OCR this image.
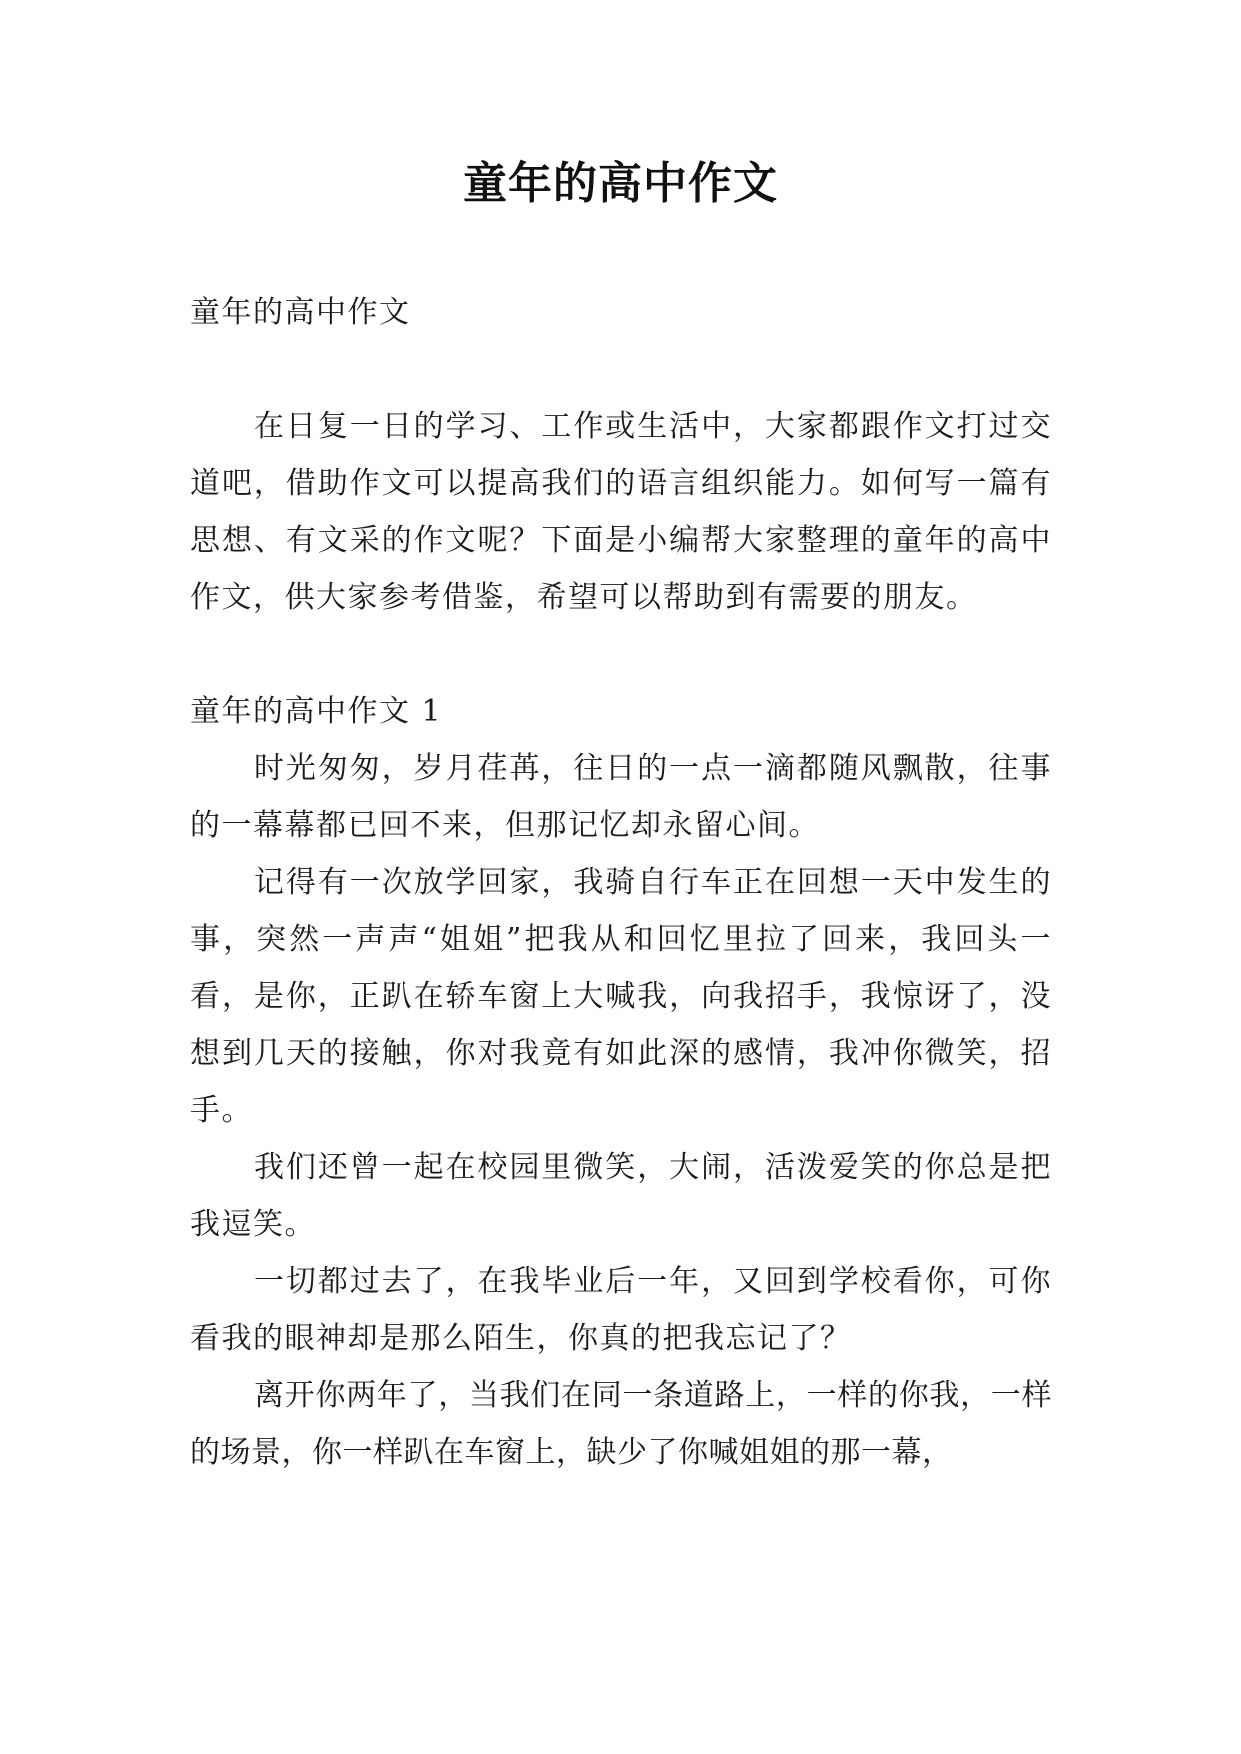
童年的高中作文

童年的高中作文

在日复一日的学习、工作或生活中，大家都跟作文打过交道吧，借助作文可以提高我们的语言组织能力。如何写一篇有思想、有文采的作文呢？下面是小编帮大家整理的童年的高中作文，供大家参考借鉴，希望可以帮助到有需要的朋友。

童年的高中作文 1

时光匆匆，岁月荏苒，往日的一点一滴都随风飘散，往事的一幕幕都已回不来，但那记忆却永留心间。

记得有一次放学回家，我骑自行车正在回想一天中发生的事，突然一声声“姐姐”把我从和回忆里拉了回来，我回头一看，是你，正趴在轿车窗上大喊我，向我招手，我惊讶了，没想到几天的接触，你对我竟有如此深的感情，我冲你微笑，招手。

我们还曾一起在校园里微笑，大闹，活泼爱笑的你总是把我逗笑。

一切都过去了，在我毕业后一年，又回到学校看你，可你看我的眼神却是那么陌生，你真的把我忘记了？

离开你两年了，当我们在同一条道路上，一样的你我，一样的场景，你一样趴在车窗上，缺少了你喊姐姐的那一幕，
